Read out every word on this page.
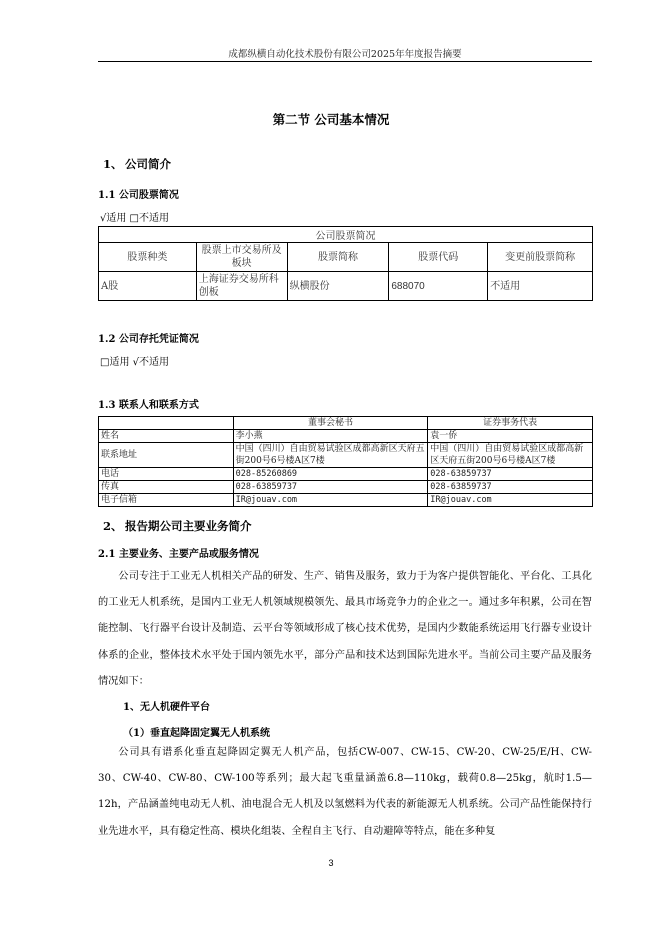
成都纵横自动化技术股份有限公司2025年年度报告摘要
第二节 公司基本情况
1、 公司简介
1.1 公司股票简况
√适用 □不适用
公司股票简况				
股票种类	股票上市交易所及板块	股票简称	股票代码	变更前股票简称
A股	上海证券交易所科创板	纵横股份	688070	不适用
1.2 公司存托凭证简况
□适用 √不适用
1.3 联系人和联系方式
	董事会秘书	证券事务代表
姓名	李小燕	袁一侨
联系地址	中国（四川）自由贸易试验区成都高新区天府五街200号6号楼A区7楼	中国（四川）自由贸易试验区成都高新区天府五街200号6号楼A区7楼
电话	028-85260869	028-63859737
传真	028-63859737	028-63859737
电子信箱	IR@jouav.com	IR@jouav.com
2、 报告期公司主要业务简介
2.1 主要业务、主要产品或服务情况
公司专注于工业无人机相关产品的研发、生产、销售及服务，致力于为客户提供智能化、平台化、工具化的工业无人机系统，是国内工业无人机领域规模领先、最具市场竞争力的企业之一。通过多年积累，公司在智能控制、飞行器平台设计及制造、云平台等领域形成了核心技术优势，是国内少数能系统运用飞行器专业设计体系的企业，整体技术水平处于国内领先水平，部分产品和技术达到国际先进水平。当前公司主要产品及服务情况如下：
1、无人机硬件平台
（1）垂直起降固定翼无人机系统
公司具有谱系化垂直起降固定翼无人机产品，包括CW-007、CW-15、CW-20、CW-25/E/H、CW-30、CW-40、CW-80、CW-100等系列；最大起飞重量涵盖6.8—110kg，载荷0.8—25kg，航时1.5—12h，产品涵盖纯电动无人机、油电混合无人机及以氢燃料为代表的新能源无人机系统。公司产品性能保持行业先进水平，具有稳定性高、模块化组装、全程自主飞行、自动避障等特点，能在多种复
3
